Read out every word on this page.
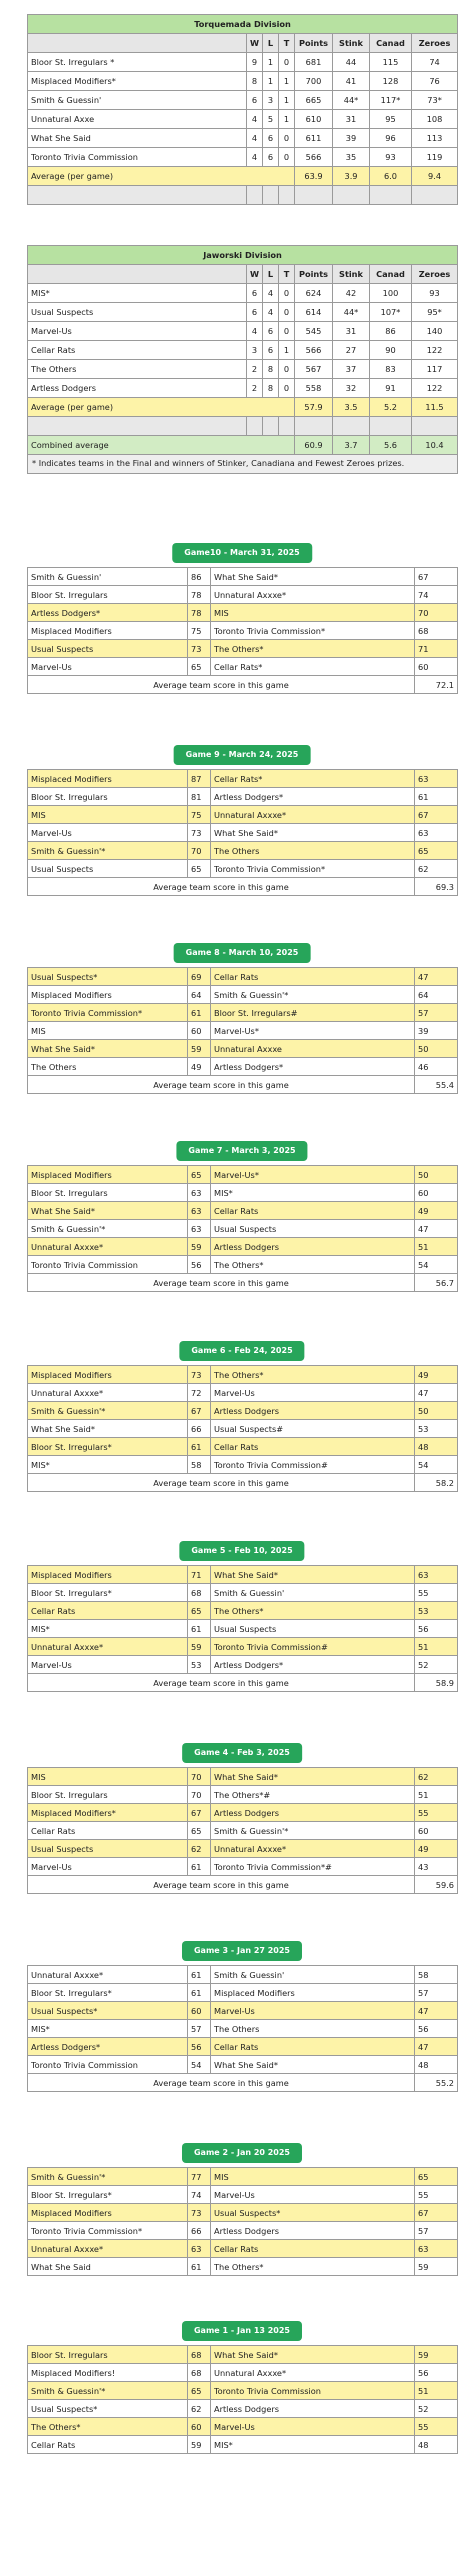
Torquemada Division							
	W	L	T	Points	Stink	Canad	Zeroes
Bloor St. Irregulars *	9	1	0	681	44	115	74
Misplaced Modifiers*	8	1	1	700	41	128	76
Smith & Guessin'	6	3	1	665	44*	117*	73*
Unnatural Axxe	4	5	1	610	31	95	108
What She Said	4	6	0	611	39	96	113
Toronto Trivia Commission	4	6	0	566	35	93	119
Average (per game)				63.9	3.9	6.0	9.4

Jaworski Division							
	W	L	T	Points	Stink	Canad	Zeroes
MIS*	6	4	0	624	42	100	93
Usual Suspects	6	4	0	614	44*	107*	95*
Marvel-Us	4	6	0	545	31	86	140
Cellar Rats	3	6	1	566	27	90	122
The Others	2	8	0	567	37	83	117
Artless Dodgers	2	8	0	558	32	91	122
Average (per game)				57.9	3.5	5.2	11.5

Combined average				60.9	3.7	5.6	10.4
* Indicates teams in the Final and winners of Stinker, Canadiana and Fewest Zeroes prizes.							
Game10 - March 31, 2025
Smith & Guessin'	86	What She Said*	67
Bloor St. Irregulars	78	Unnatural Axxxe*	74
Artless Dodgers*	78	MIS	70
Misplaced Modifiers	75	Toronto Trivia Commission*	68
Usual Suspects	73	The Others*	71
Marvel-Us	65	Cellar Rats*	60
Average team score in this game			72.1
Game 9 - March 24, 2025
Misplaced Modifiers	87	Cellar Rats*	63
Bloor St. Irregulars	81	Artless Dodgers*	61
MIS	75	Unnatural Axxxe*	67
Marvel-Us	73	What She Said*	63
Smith & Guessin'*	70	The Others	65
Usual Suspects	65	Toronto Trivia Commission*	62
Average team score in this game			69.3
Game 8 - March 10, 2025
Usual Suspects*	69	Cellar Rats	47
Misplaced Modifiers	64	Smith & Guessin'*	64
Toronto Trivia Commission*	61	Bloor St. Irregulars#	57
MIS	60	Marvel-Us*	39
What She Said*	59	Unnatural Axxxe	50
The Others	49	Artless Dodgers*	46
Average team score in this game			55.4
Game 7 - March 3, 2025
Misplaced Modifiers	65	Marvel-Us*	50
Bloor St. Irregulars	63	MIS*	60
What She Said*	63	Cellar Rats	49
Smith & Guessin'*	63	Usual Suspects	47
Unnatural Axxxe*	59	Artless Dodgers	51
Toronto Trivia Commission	56	The Others*	54
Average team score in this game			56.7
Game 6 - Feb 24, 2025
Misplaced Modifiers	73	The Others*	49
Unnatural Axxxe*	72	Marvel-Us	47
Smith & Guessin'*	67	Artless Dodgers	50
What She Said*	66	Usual Suspects#	53
Bloor St. Irregulars*	61	Cellar Rats	48
MIS*	58	Toronto Trivia Commission#	54
Average team score in this game			58.2
Game 5 - Feb 10, 2025
Misplaced Modifiers	71	What She Said*	63
Bloor St. Irregulars*	68	Smith & Guessin'	55
Cellar Rats	65	The Others*	53
MIS*	61	Usual Suspects	56
Unnatural Axxxe*	59	Toronto Trivia Commission#	51
Marvel-Us	53	Artless Dodgers*	52
Average team score in this game			58.9
Game 4 - Feb 3, 2025
MIS	70	What She Said*	62
Bloor St. Irregulars	70	The Others*#	51
Misplaced Modifiers*	67	Artless Dodgers	55
Cellar Rats	65	Smith & Guessin'*	60
Usual Suspects	62	Unnatural Axxxe*	49
Marvel-Us	61	Toronto Trivia Commission*#	43
Average team score in this game			59.6
Game 3 - Jan 27 2025
Unnatural Axxxe*	61	Smith & Guessin'	58
Bloor St. Irregulars*	61	Misplaced Modifiers	57
Usual Suspects*	60	Marvel-Us	47
MIS*	57	The Others	56
Artless Dodgers*	56	Cellar Rats	47
Toronto Trivia Commission	54	What She Said*	48
Average team score in this game			55.2
Game 2 - Jan 20 2025
Smith & Guessin'*	77	MIS	65
Bloor St. Irregulars*	74	Marvel-Us	55
Misplaced Modifiers	73	Usual Suspects*	67
Toronto Trivia Commission*	66	Artless Dodgers	57
Unnatural Axxxe*	63	Cellar Rats	63
What She Said	61	The Others*	59
Game 1 - Jan 13 2025
Bloor St. Irregulars	68	What She Said*	59
Misplaced Modifiers!	68	Unnatural Axxxe*	56
Smith & Guessin'*	65	Toronto Trivia Commission	51
Usual Suspects*	62	Artless Dodgers	52
The Others*	60	Marvel-Us	55
Cellar Rats	59	MIS*	48
